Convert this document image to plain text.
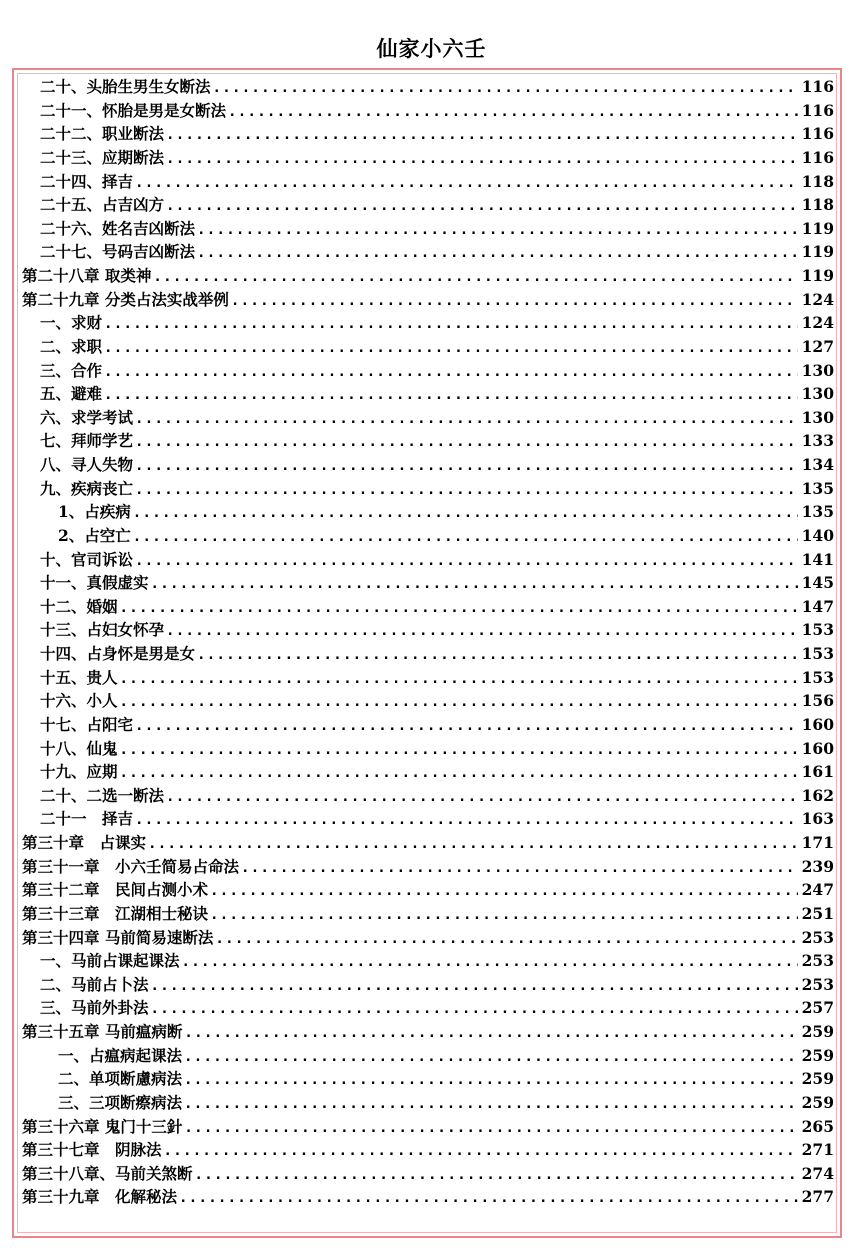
仙家小六壬
二十、头胎生男生女断法 .....	116
二十一、怀胎是男是女断法 .....	116
二十二、职业断法 .....	116
二十三、应期断法 .....	116
二十四、择吉 .....	118
二十五、占吉凶方 .....	118
二十六、姓名吉凶断法 .....	119
二十七、号码吉凶断法 .....	119
第二十八章 取类神 .....	119
第二十九章 分类占法实战举例 .....	124
一、求财 .....	124
二、求职 .....	127
三、合作 .....	130
五、避难 .....	130
六、求学考试 .....	130
七、拜师学艺 .....	133
八、寻人失物 .....	134
九、疾病丧亡 .....	135
1、占疾病 .....	135
2、占空亡 .....	140
十、官司诉讼 .....	141
十一、真假虚实 .....	145
十二、婚姻 .....	147
十三、占妇女怀孕 .....	153
十四、占身怀是男是女 .....	153
十五、贵人 .....	153
十六、小人 .....	156
十七、占阳宅 .....	160
十八、仙鬼 .....	160
十九、应期 .....	161
二十、二选一断法 .....	162
二十一　择吉 .....	163
第三十章　占课实 .....	171
第三十一章　小六壬简易占命法 .....	239
第三十二章　民间占测小术 .....	247
第三十三章　江湖相士秘诀 .....	251
第三十四章 马前简易速断法 .....	253
一、马前占课起课法 .....	253
二、马前占卜法 .....	253
三、马前外卦法 .....	257
第三十五章 马前瘟病断 .....	259
一、占瘟病起课法 .....	259
二、单项断慮病法 .....	259
三、三项断瘵病法 .....	259
第三十六章 鬼门十三針 .....	265
第三十七章　阴脉法 .....	271
第三十八章、马前关煞断 .....	274
第三十九章　化解秘法 .....	277
